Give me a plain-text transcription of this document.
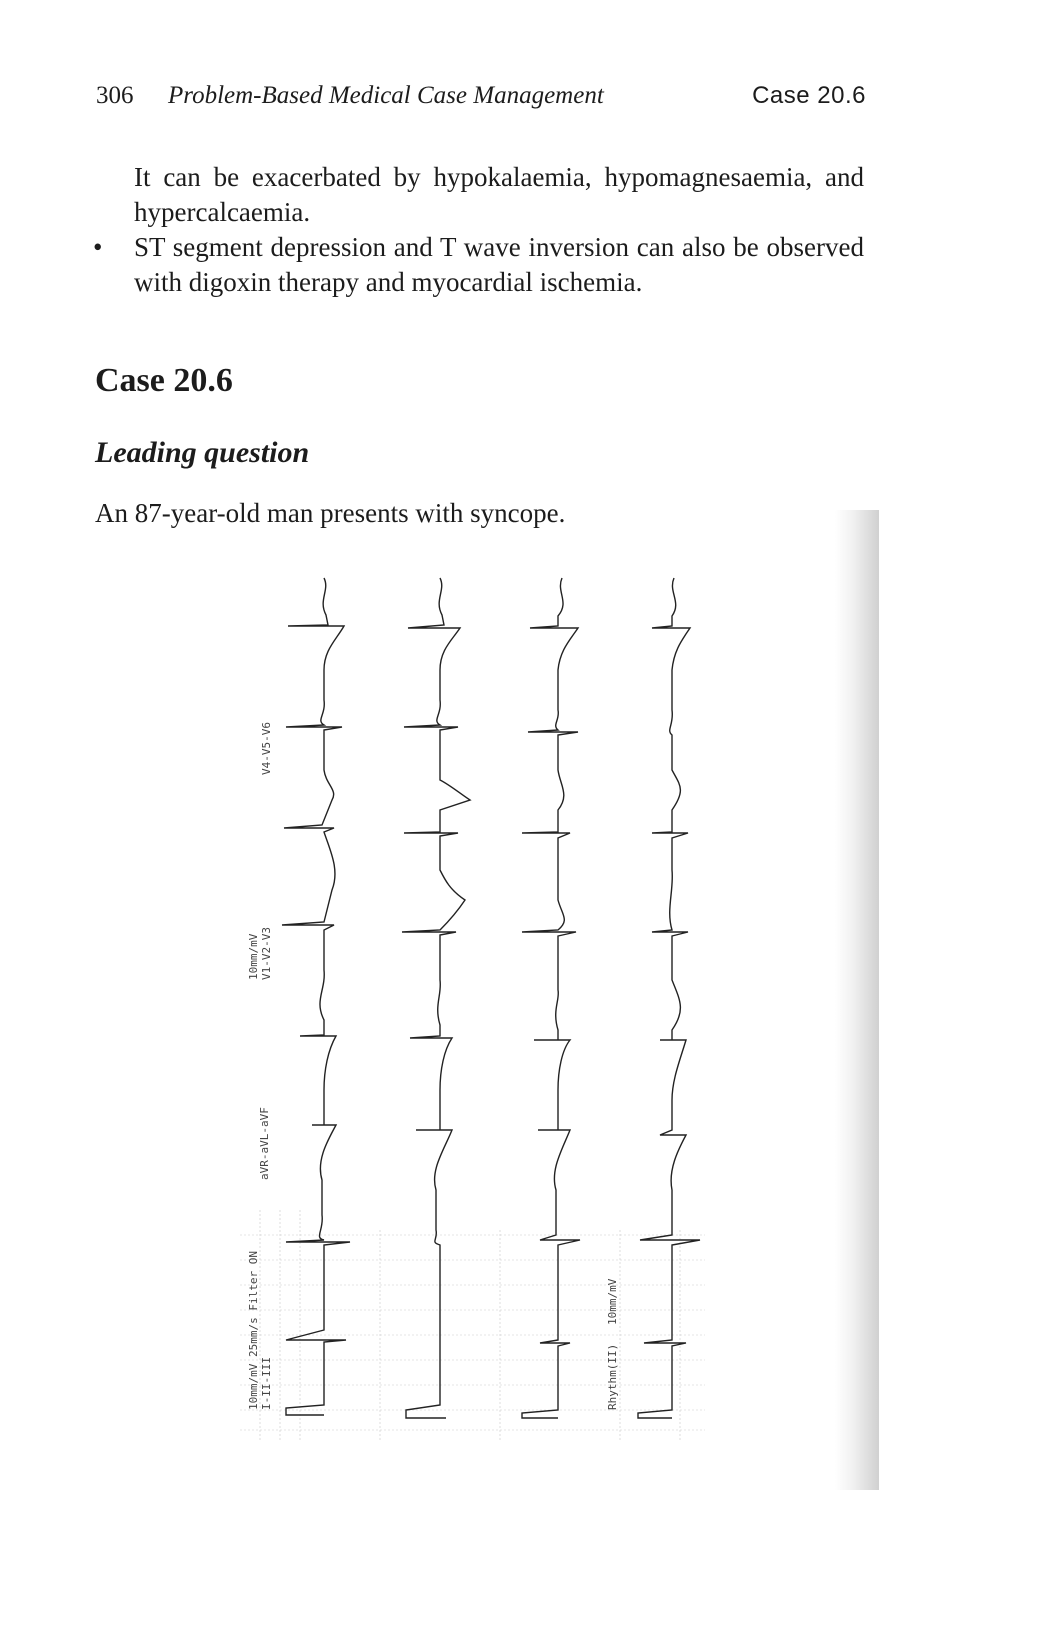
306 Problem-Based Medical Case Management	Case 20.6

It can be exacerbated by hypokalaemia, hypomagnesaemia, and hypercalcaemia.

• ST segment depression and T wave inversion can also be observed with digoxin therapy and myocardial ischemia.

Case 20.6
Leading question

An 87-year-old man presents with syncope.

V4-V5-V6
10mm/mV V1-V2-V3
aVR-aVL-aVF
10mm/mV 25mm/s Filter ON I-II-III	Rhythm(II)
10mm/mV
